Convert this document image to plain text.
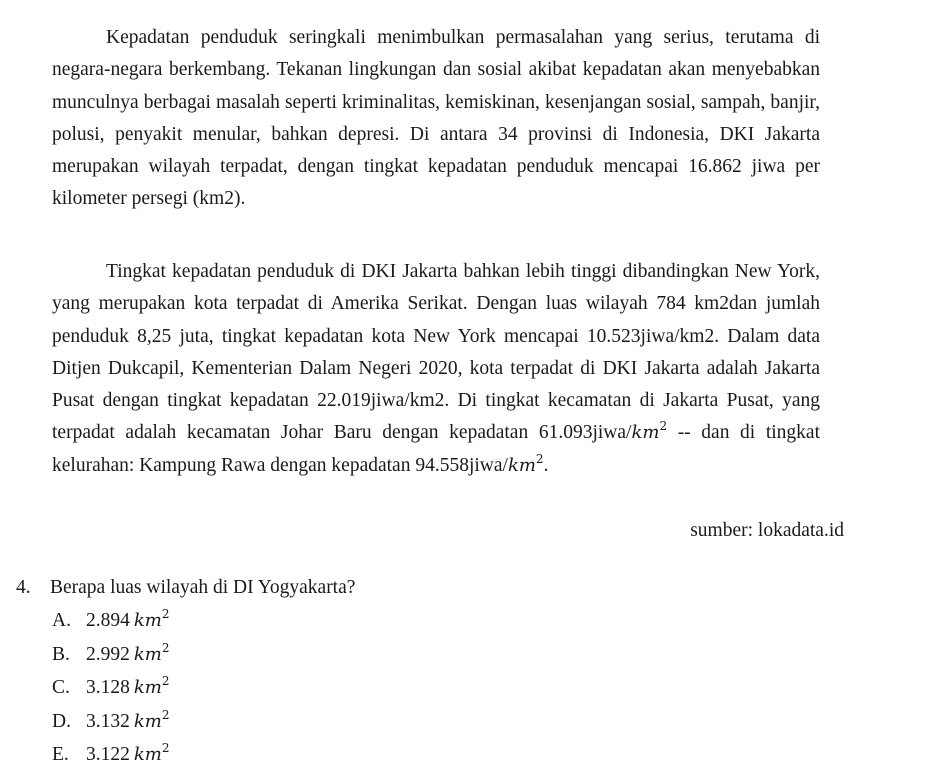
Kepadatan penduduk seringkali menimbulkan permasalahan yang serius, terutama di negara-negara berkembang. Tekanan lingkungan dan sosial akibat kepadatan akan menyebabkan munculnya berbagai masalah seperti kriminalitas, kemiskinan, kesenjangan sosial, sampah, banjir, polusi, penyakit menular, bahkan depresi. Di antara 34 provinsi di Indonesia, DKI Jakarta merupakan wilayah terpadat, dengan tingkat kepadatan penduduk mencapai 16.862 jiwa per kilometer persegi (km2).

Tingkat kepadatan penduduk di DKI Jakarta bahkan lebih tinggi dibandingkan New York, yang merupakan kota terpadat di Amerika Serikat. Dengan luas wilayah 784 km2dan jumlah penduduk 8,25 juta, tingkat kepadatan kota New York mencapai 10.523jiwa/km2. Dalam data Ditjen Dukcapil, Kementerian Dalam Negeri 2020, kota terpadat di DKI Jakarta adalah Jakarta Pusat dengan tingkat kepadatan 22.019jiwa/km2. Di tingkat kecamatan di Jakarta Pusat, yang terpadat adalah kecamatan Johar Baru dengan kepadatan $61.093jiwa/km^2$ -- dan di tingkat kelurahan: Kampung Rawa dengan kepadatan $94.558jiwa/km^2$.

sumber: lokadata.id

4. Berapa luas wilayah di DI Yogyakarta?

A. 2.894 $km^2$
B. 2.992 $km^2$
C. 3.128 $km^2$
D. 3.132 $km^2$
E. 3.122 $km^2$
